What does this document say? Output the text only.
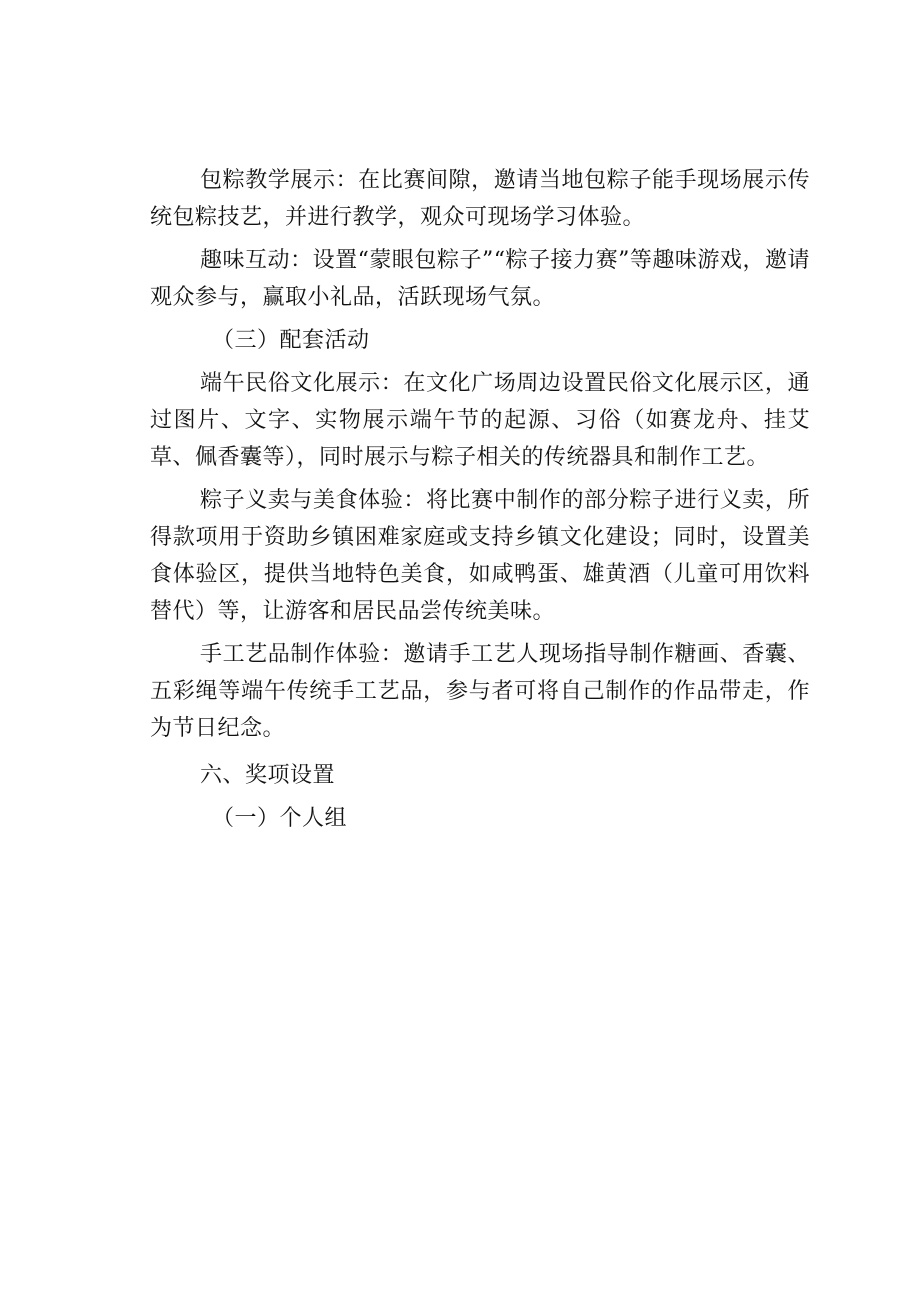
包粽教学展示：在比赛间隙，邀请当地包粽子能手现场展示传统包粽技艺，并进行教学，观众可现场学习体验。

趣味互动：设置“蒙眼包粽子”“粽子接力赛”等趣味游戏，邀请观众参与，赢取小礼品，活跃现场气氛。

（三）配套活动

端午民俗文化展示：在文化广场周边设置民俗文化展示区，通过图片、文字、实物展示端午节的起源、习俗（如赛龙舟、挂艾草、佩香囊等），同时展示与粽子相关的传统器具和制作工艺。

粽子义卖与美食体验：将比赛中制作的部分粽子进行义卖，所得款项用于资助乡镇困难家庭或支持乡镇文化建设；同时，设置美食体验区，提供当地特色美食，如咸鸭蛋、雄黄酒（儿童可用饮料替代）等，让游客和居民品尝传统美味。

手工艺品制作体验：邀请手工艺人现场指导制作糖画、香囊、五彩绳等端午传统手工艺品，参与者可将自己制作的作品带走，作为节日纪念。

六、奖项设置

（一）个人组
